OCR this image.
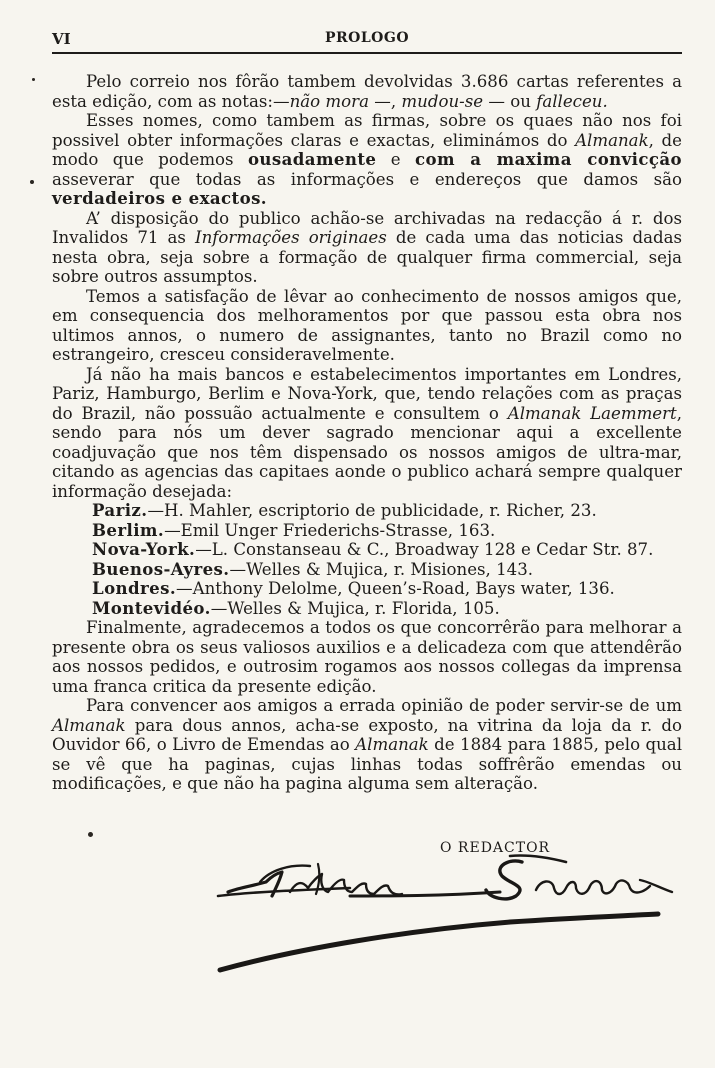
VI	PROLOGO

Pelo correio nos fôrão tambem devolvidas 3.686 cartas referentes a esta edição, com as notas:—não mora —, mudou-se — ou falleceu.

Esses nomes, como tambem as firmas, sobre os quaes não nos foi possivel obter informações claras e exactas, eliminámos do Almanak, de modo que podemos ousadamente e com a maxima convicção asseverar que todas as informações e endereços que damos são verdadeiros e exactos.

A’ disposição do publico achão-se archivadas na redacção á r. dos Invalidos 71 as Informações originaes de cada uma das noticias dadas nesta obra, seja sobre a formação de qualquer firma commercial, seja sobre outros assumptos.

Temos a satisfação de lêvar ao conhecimento de nossos amigos que, em consequencia dos melhoramentos por que passou esta obra nos ultimos annos, o numero de assignantes, tanto no Brazil como no estrangeiro, cresceu consideravelmente.

Já não ha mais bancos e estabelecimentos importantes em Londres, Pariz, Hamburgo, Berlim e Nova-York, que, tendo relações com as praças do Brazil, não possuão actualmente e consultem o Almanak Laemmert, sendo para nós um dever sagrado mencionar aqui a excellente coadjuvação que nos têm dispensado os nossos amigos de ultra-mar, citando as agencias das capitaes aonde o publico achará sempre qualquer informação desejada:

Pariz.—H. Mahler, escriptorio de publicidade, r. Richer, 23.
Berlim.—Emil Unger Friederichs-Strasse, 163.
Nova-York.—L. Constanseau & C., Broadway 128 e Cedar Str. 87.
Buenos-Ayres.—Welles & Mujica, r. Misiones, 143.
Londres.—Anthony Delolme, Queen’s-Road, Bays water, 136.
Montevidéo.—Welles & Mujica, r. Florida, 105.

Finalmente, agradecemos a todos os que concorrêrão para melhorar a presente obra os seus valiosos auxilios e a delicadeza com que attendêrão aos nossos pedidos, e outrosim rogamos aos nossos collegas da imprensa uma franca critica da presente edição.

Para convencer aos amigos a errada opinião de poder servir-se de um Almanak para dous annos, acha-se exposto, na vitrina da loja da r. do Ouvidor 66, o Livro de Emendas ao Almanak de 1884 para 1885, pelo qual se vê que ha paginas, cujas linhas todas soffrêrão emendas ou modificações, e que não ha pagina alguma sem alteração.

O REDACTOR
Arthur Sauer
